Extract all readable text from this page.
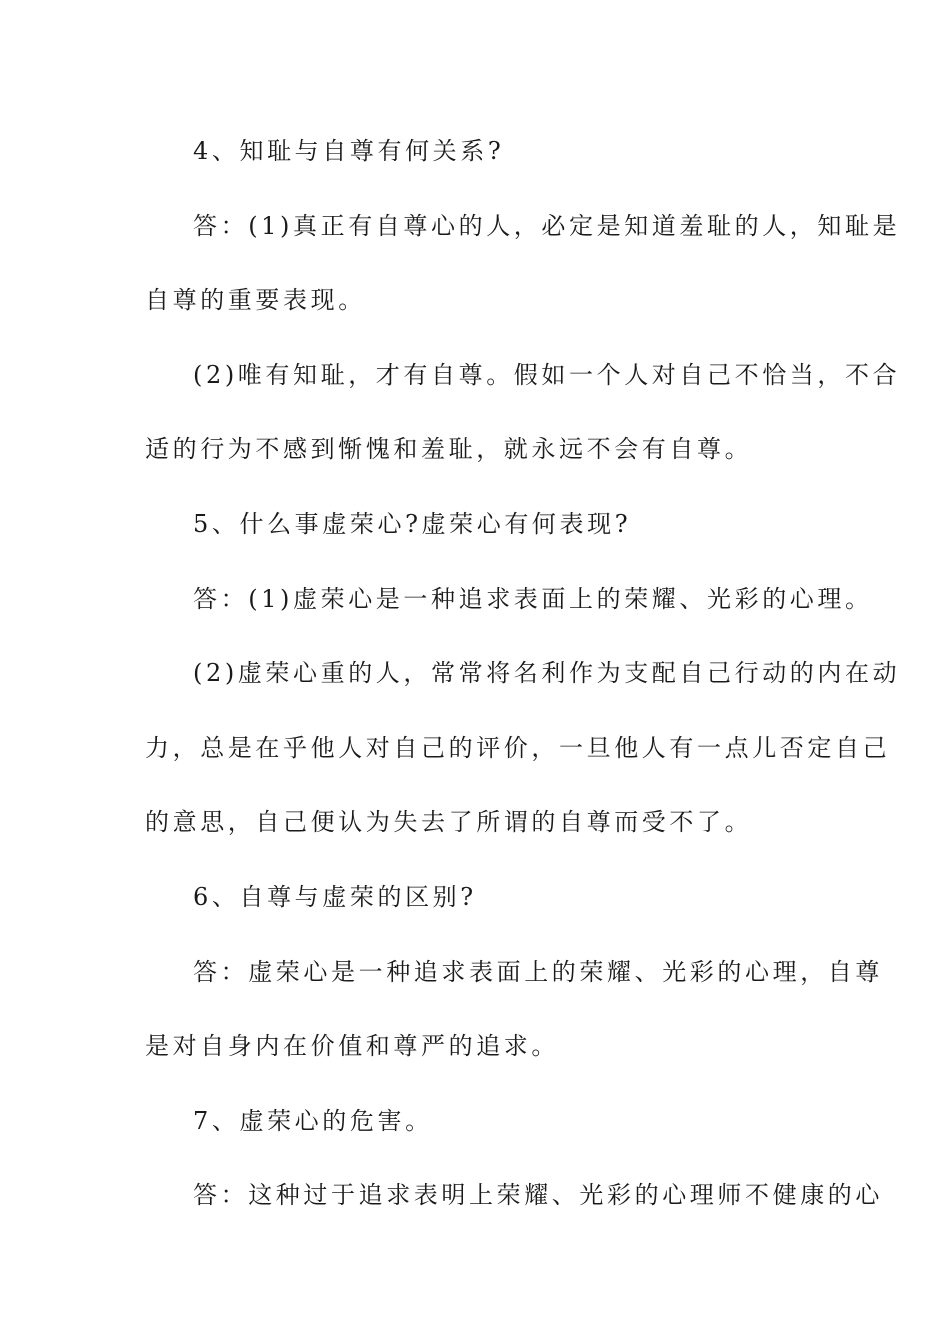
4、知耻与自尊有何关系?
答：(1)真正有自尊心的人，必定是知道羞耻的人，知耻是
自尊的重要表现。
(2)唯有知耻，才有自尊。假如一个人对自己不恰当，不合
适的行为不感到惭愧和羞耻，就永远不会有自尊。
5、什么事虚荣心?虚荣心有何表现?
答：(1)虚荣心是一种追求表面上的荣耀、光彩的心理。
(2)虚荣心重的人，常常将名利作为支配自己行动的内在动
力，总是在乎他人对自己的评价，一旦他人有一点儿否定自己
的意思，自己便认为失去了所谓的自尊而受不了。
6、自尊与虚荣的区别?
答：虚荣心是一种追求表面上的荣耀、光彩的心理，自尊
是对自身内在价值和尊严的追求。
7、虚荣心的危害。
答：这种过于追求表明上荣耀、光彩的心理师不健康的心
